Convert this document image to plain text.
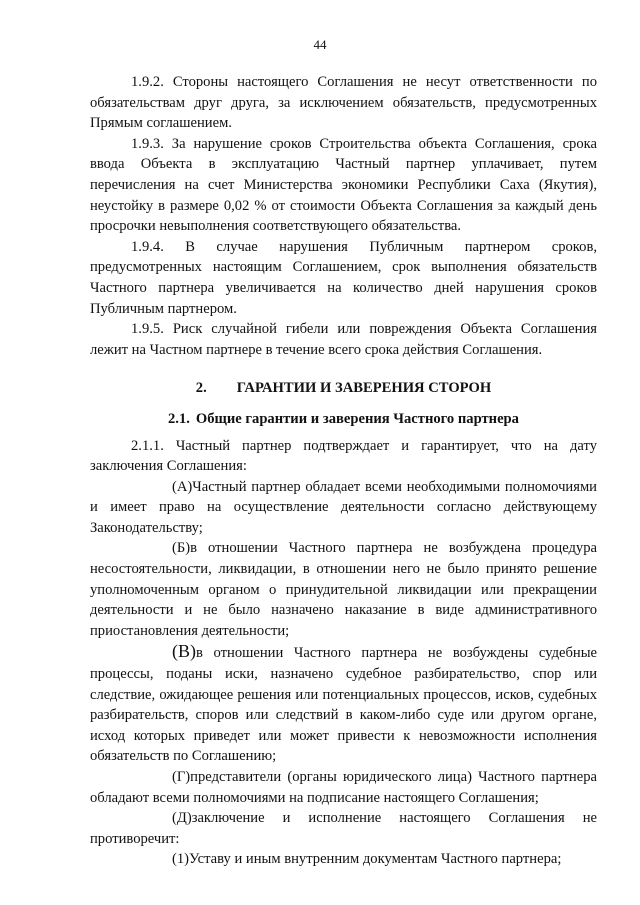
44

1.9.2. Стороны настоящего Соглашения не несут ответственности по обязательствам друг друга, за исключением обязательств, предусмотренных Прямым соглашением.

1.9.3. За нарушение сроков Строительства объекта Соглашения, срока ввода Объекта в эксплуатацию Частный партнер уплачивает, путем перечисления на счет Министерства экономики Республики Саха (Якутия), неустойку в размере 0,02 % от стоимости Объекта Соглашения за каждый день просрочки невыполнения соответствующего обязательства.

1.9.4. В случае нарушения Публичным партнером сроков, предусмотренных настоящим Соглашением, срок выполнения обязательств Частного партнера увеличивается на количество дней нарушения сроков Публичным партнером.

1.9.5. Риск случайной гибели или повреждения Объекта Соглашения лежит на Частном партнере в течение всего срока действия Соглашения.

2. ГАРАНТИИ И ЗАВЕРЕНИЯ СТОРОН

2.1. Общие гарантии и заверения Частного партнера

2.1.1. Частный партнер подтверждает и гарантирует, что на дату заключения Соглашения:

(А)Частный партнер обладает всеми необходимыми полномочиями и имеет право на осуществление деятельности согласно действующему Законодательству;

(Б)в отношении Частного партнера не возбуждена процедура несостоятельности, ликвидации, в отношении него не было принято решение уполномоченным органом о принудительной ликвидации или прекращении деятельности и не было назначено наказание в виде административного приостановления деятельности;

(В)в отношении Частного партнера не возбуждены судебные процессы, поданы иски, назначено судебное разбирательство, спор или следствие, ожидающее решения или потенциальных процессов, исков, судебных разбирательств, споров или следствий в каком-либо суде или другом органе, исход которых приведет или может привести к невозможности исполнения обязательств по Соглашению;

(Г)представители (органы юридического лица) Частного партнера обладают всеми полномочиями на подписание настоящего Соглашения;

(Д)заключение и исполнение настоящего Соглашения не противоречит:

(1)Уставу и иным внутренним документам Частного партнера;
